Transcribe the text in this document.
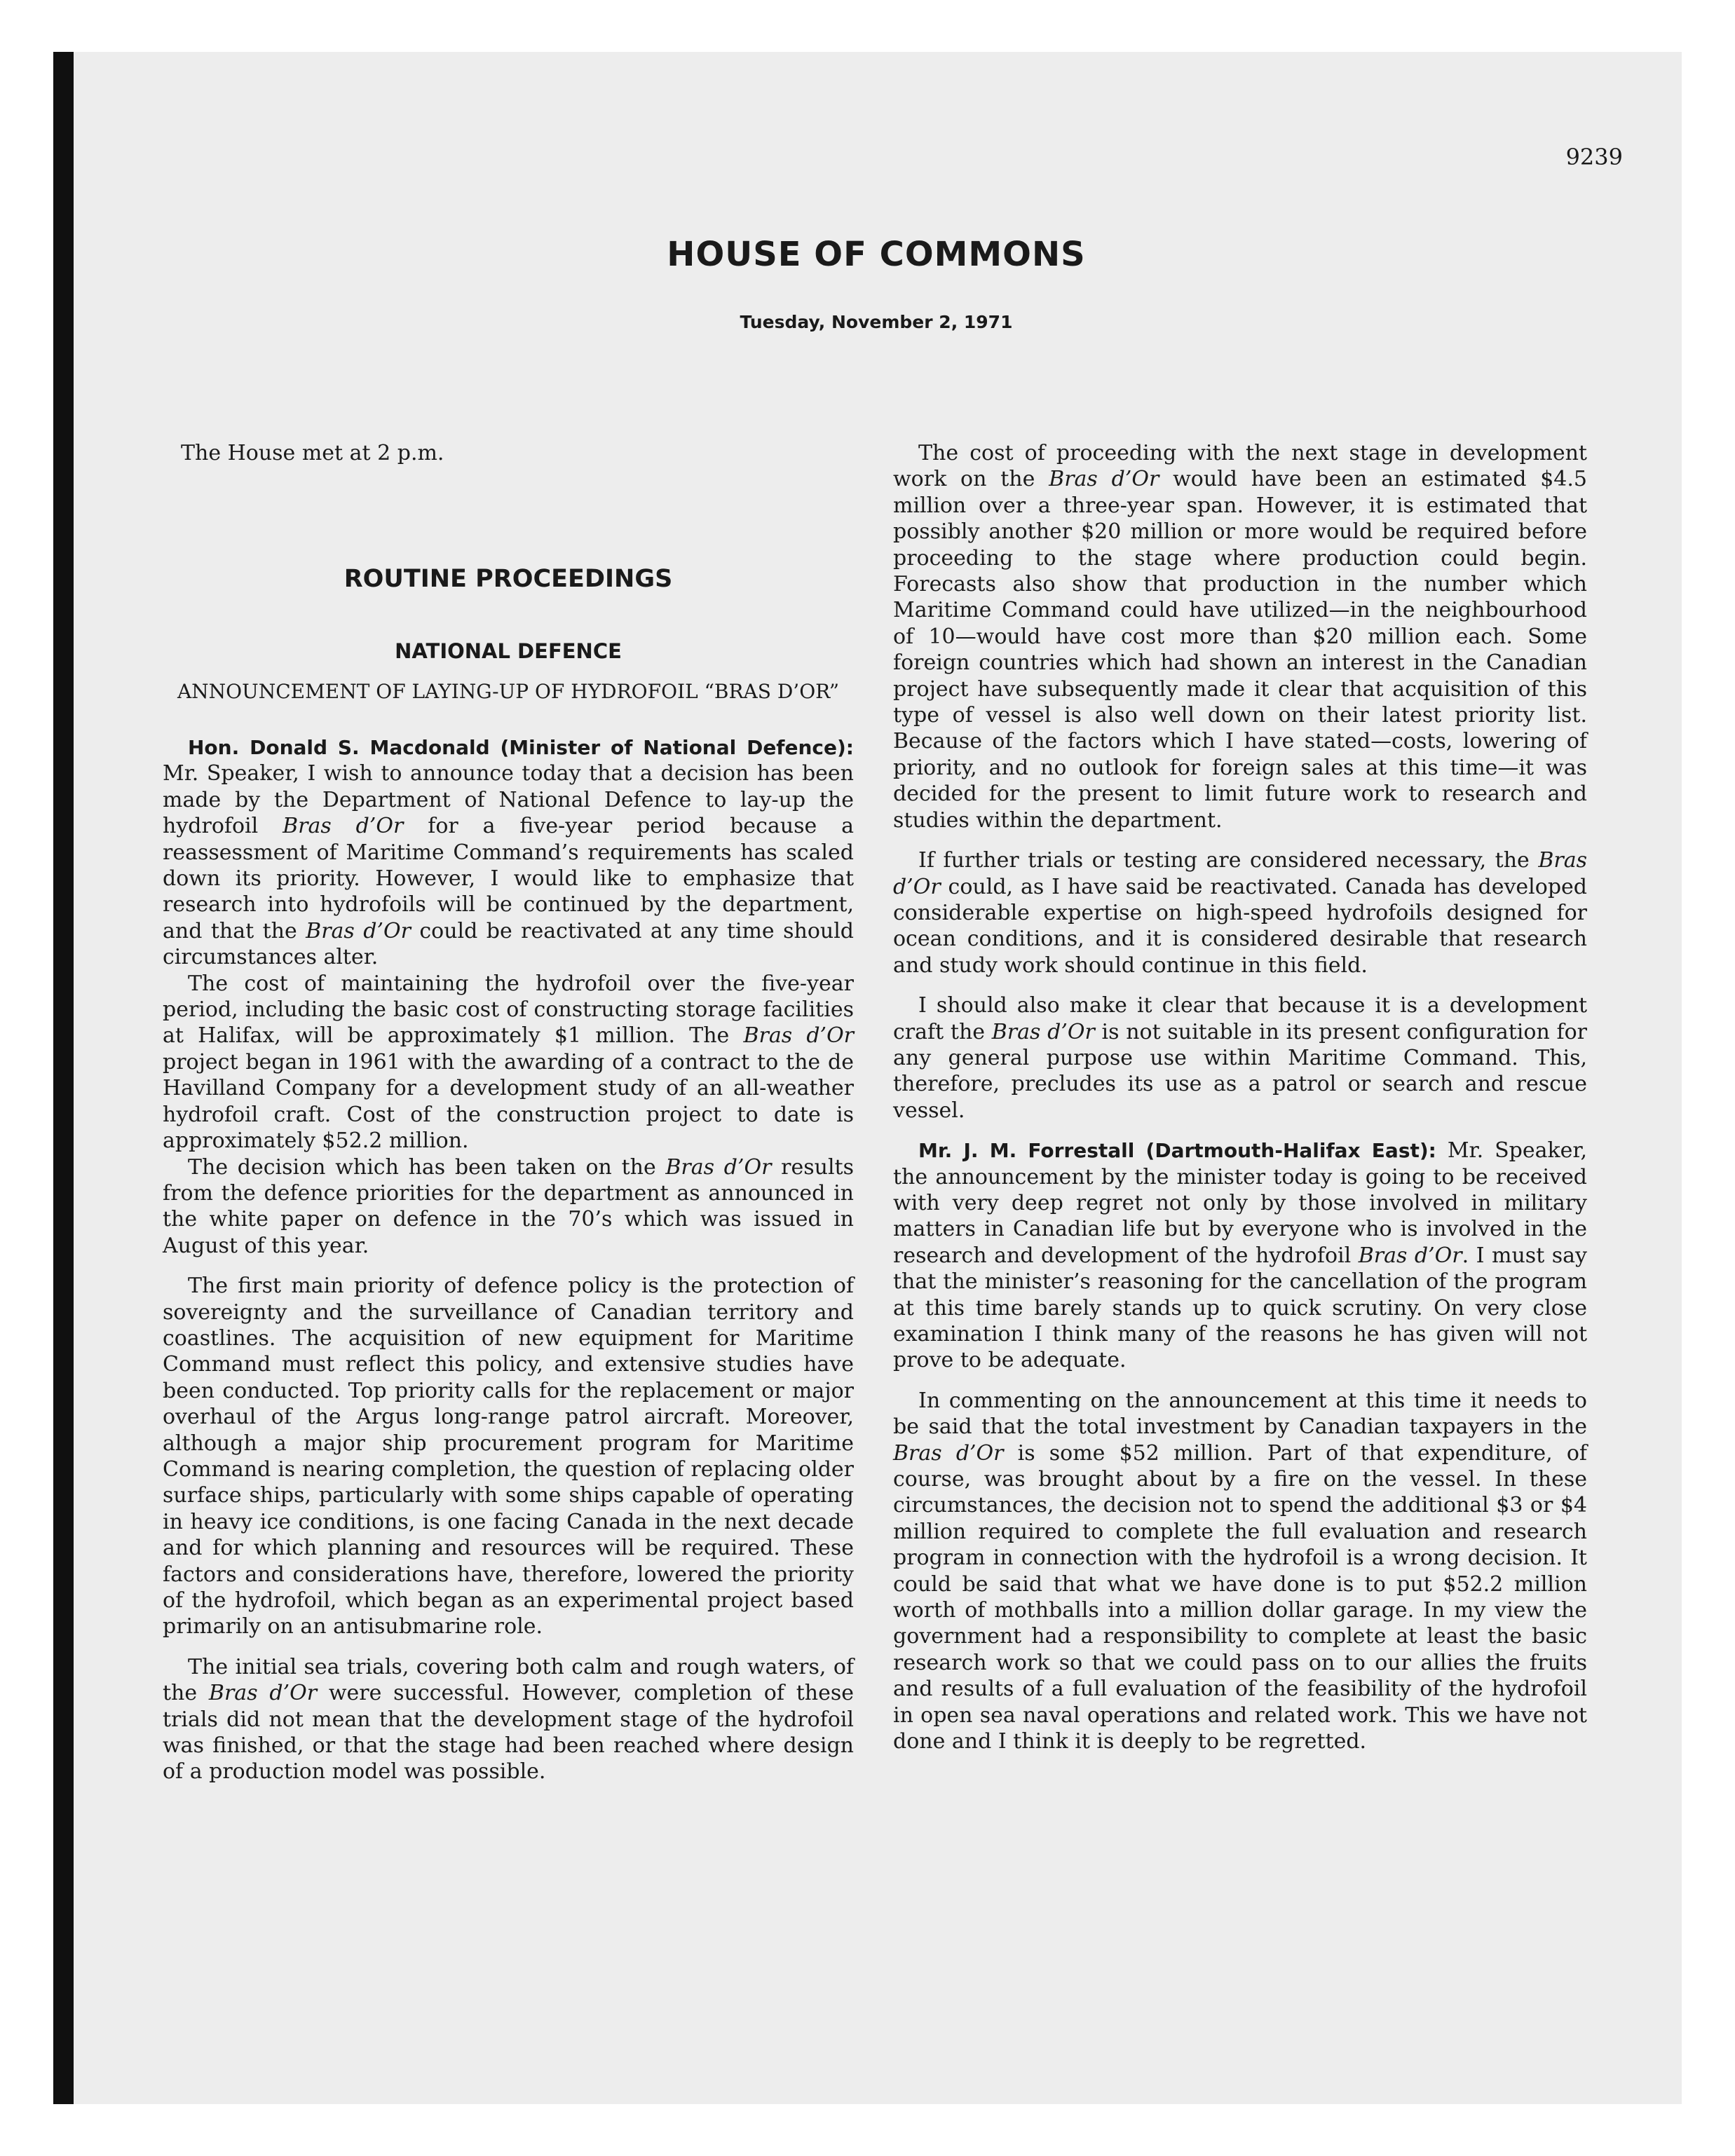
9239
HOUSE OF COMMONS
Tuesday, November 2, 1971
The House met at 2 p.m.
ROUTINE PROCEEDINGS
NATIONAL DEFENCE
ANNOUNCEMENT OF LAYING-UP OF HYDROFOIL “BRAS D’OR”

Hon. Donald S. Macdonald (Minister of National Defence): Mr. Speaker, I wish to announce today that a decision has been made by the Department of National Defence to lay-up the hydrofoil Bras d’Or for a five-year period because a reassessment of Maritime Command’s requirements has scaled down its priority. However, I would like to emphasize that research into hydrofoils will be continued by the department, and that the Bras d’Or could be reactivated at any time should circumstances alter.

The cost of maintaining the hydrofoil over the five-year period, including the basic cost of constructing storage facilities at Halifax, will be approximately $1 million. The Bras d’Or project began in 1961 with the awarding of a contract to the de Havilland Company for a development study of an all-weather hydrofoil craft. Cost of the construction project to date is approximately $52.2 million.

The decision which has been taken on the Bras d’Or results from the defence priorities for the department as announced in the white paper on defence in the 70’s which was issued in August of this year.

The first main priority of defence policy is the protection of sovereignty and the surveillance of Canadian territory and coastlines. The acquisition of new equipment for Maritime Command must reflect this policy, and extensive studies have been conducted. Top priority calls for the replacement or major overhaul of the Argus long-range patrol aircraft. Moreover, although a major ship procurement program for Maritime Command is nearing completion, the question of replacing older surface ships, particularly with some ships capable of operating in heavy ice conditions, is one facing Canada in the next decade and for which planning and resources will be required. These factors and considerations have, therefore, lowered the priority of the hydrofoil, which began as an experimental project based primarily on an antisubmarine role.

The initial sea trials, covering both calm and rough waters, of the Bras d’Or were successful. However, completion of these trials did not mean that the development stage of the hydrofoil was finished, or that the stage had been reached where design of a production model was possible.

The cost of proceeding with the next stage in development work on the Bras d’Or would have been an estimated $4.5 million over a three-year span. However, it is estimated that possibly another $20 million or more would be required before proceeding to the stage where production could begin. Forecasts also show that production in the number which Maritime Command could have utilized—in the neighbourhood of 10—would have cost more than $20 million each. Some foreign countries which had shown an interest in the Canadian project have subsequently made it clear that acquisition of this type of vessel is also well down on their latest priority list. Because of the factors which I have stated—costs, lowering of priority, and no outlook for foreign sales at this time—it was decided for the present to limit future work to research and studies within the department.

If further trials or testing are considered necessary, the Bras d’Or could, as I have said be reactivated. Canada has developed considerable expertise on high-speed hydrofoils designed for ocean conditions, and it is considered desirable that research and study work should continue in this field.

I should also make it clear that because it is a development craft the Bras d’Or is not suitable in its present configuration for any general purpose use within Maritime Command. This, therefore, precludes its use as a patrol or search and rescue vessel.

Mr. J. M. Forrestall (Dartmouth-Halifax East): Mr. Speaker, the announcement by the minister today is going to be received with very deep regret not only by those involved in military matters in Canadian life but by everyone who is involved in the research and development of the hydrofoil Bras d’Or. I must say that the minister’s reasoning for the cancellation of the program at this time barely stands up to quick scrutiny. On very close examination I think many of the reasons he has given will not prove to be adequate.

In commenting on the announcement at this time it needs to be said that the total investment by Canadian taxpayers in the Bras d’Or is some $52 million. Part of that expenditure, of course, was brought about by a fire on the vessel. In these circumstances, the decision not to spend the additional $3 or $4 million required to complete the full evaluation and research program in connection with the hydrofoil is a wrong decision. It could be said that what we have done is to put $52.2 million worth of mothballs into a million dollar garage. In my view the government had a responsibility to complete at least the basic research work so that we could pass on to our allies the fruits and results of a full evaluation of the feasibility of the hydrofoil in open sea naval operations and related work. This we have not done and I think it is deeply to be regretted.
